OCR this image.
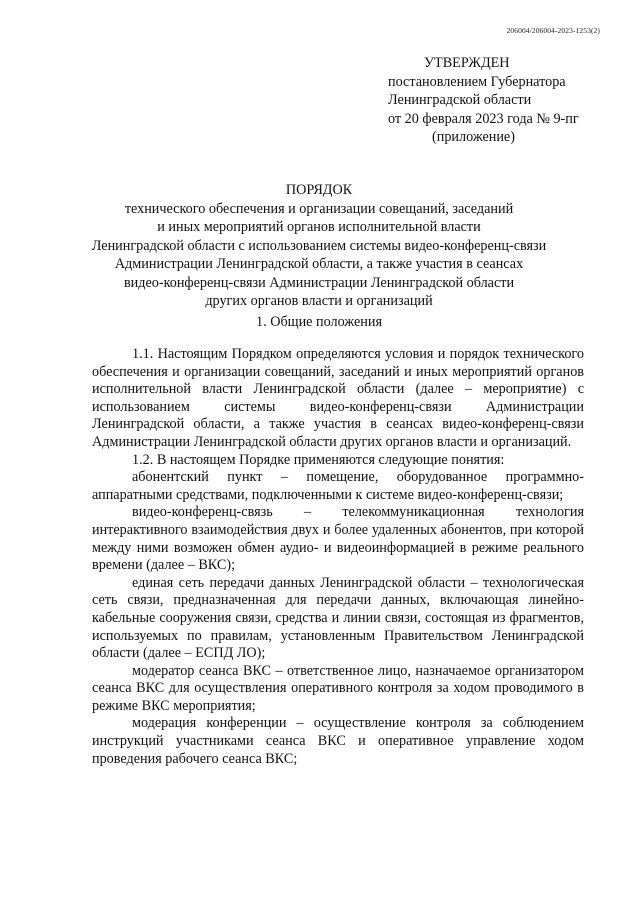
206004/206004-2023-1253(2)
УТВЕРЖДЕН
постановлением Губернатора
Ленинградской области
от 20 февраля 2023 года № 9-пг
(приложение)
ПОРЯДОК
технического обеспечения и организации совещаний, заседаний
и иных мероприятий органов исполнительной власти
Ленинградской области с использованием системы видео-конференц-связи
Администрации Ленинградской области, а также участия в сеансах
видео-конференц-связи Администрации Ленинградской области
других органов власти и организаций
1. Общие положения

1.1. Настоящим Порядком определяются условия и порядок технического обеспечения и организации совещаний, заседаний и иных мероприятий органов исполнительной власти Ленинградской области (далее – мероприятие) с использованием системы видео-конференц-связи Администрации Ленинградской области, а также участия в сеансах видео-конференц-связи Администрации Ленинградской области других органов власти и организаций.

1.2. В настоящем Порядке применяются следующие понятия:

абонентский пункт – помещение, оборудованное программно-аппаратными средствами, подключенными к системе видео-конференц-связи;

видео-конференц-связь – телекоммуникационная технология интерактивного взаимодействия двух и более удаленных абонентов, при которой между ними возможен обмен аудио- и видеоинформацией в режиме реального времени (далее – ВКС);

единая сеть передачи данных Ленинградской области – технологическая сеть связи, предназначенная для передачи данных, включающая линейно-кабельные сооружения связи, средства и линии связи, состоящая из фрагментов, используемых по правилам, установленным Правительством Ленинградской области (далее – ЕСПД ЛО);

модератор сеанса ВКС – ответственное лицо, назначаемое организатором сеанса ВКС для осуществления оперативного контроля за ходом проводимого в режиме ВКС мероприятия;

модерация конференции – осуществление контроля за соблюдением инструкций участниками сеанса ВКС и оперативное управление ходом проведения рабочего сеанса ВКС;
